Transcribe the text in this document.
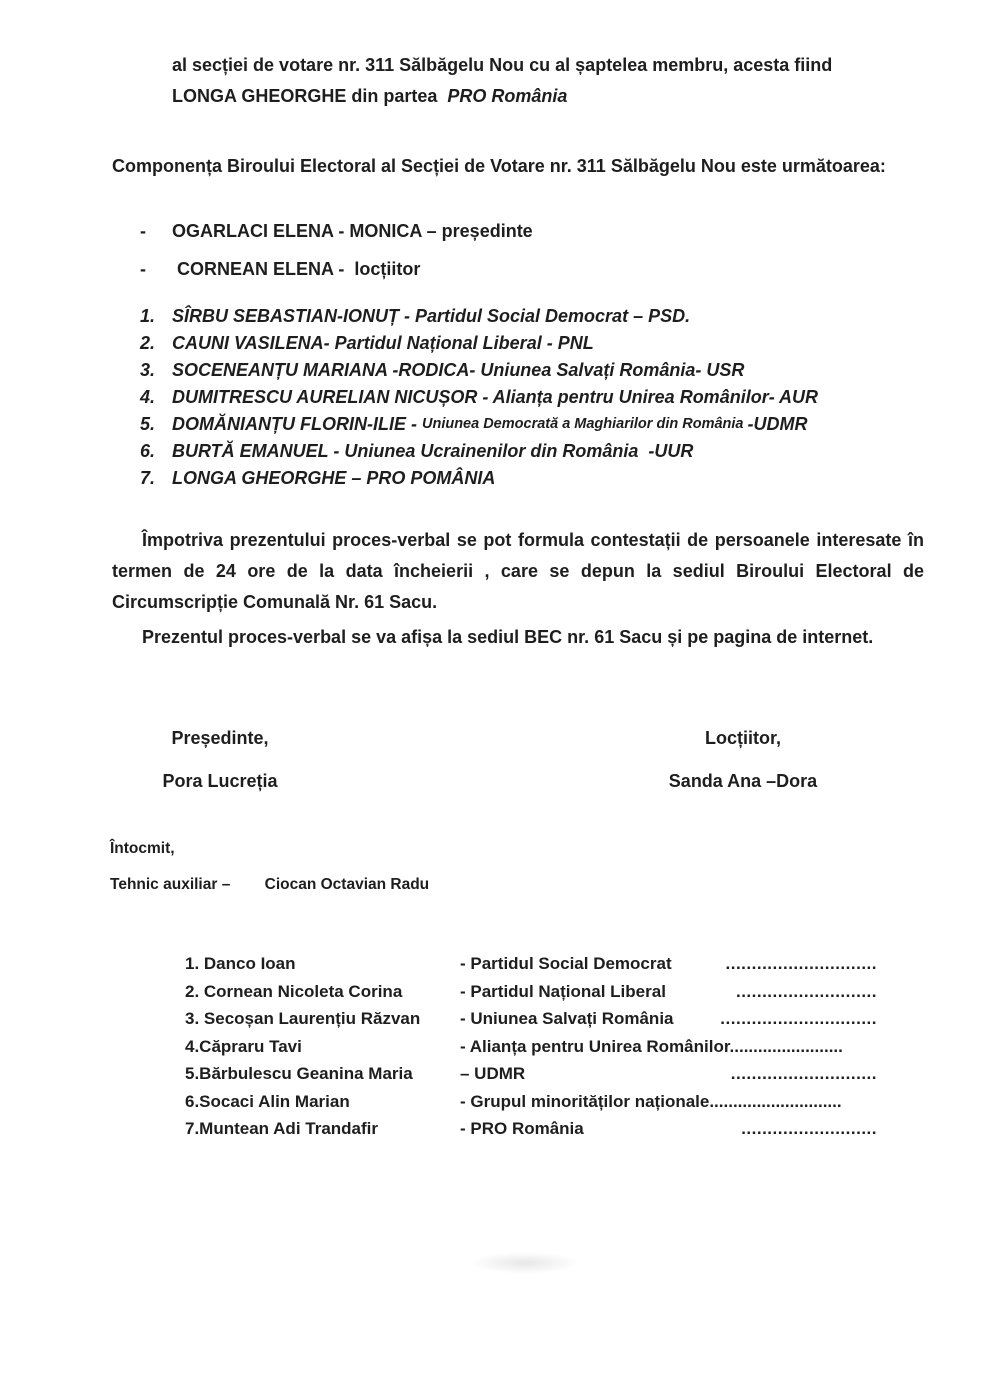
al secției de votare nr. 311 Sălbăgelu Nou cu al șaptelea membru, acesta fiind
LONGA GHEORGHE din partea  PRO România
Componența Biroului Electoral al Secției de Votare nr. 311 Sălbăgelu Nou este următoarea:
-	OGARLACI ELENA - MONICA – președinte
-	CORNEAN ELENA -  locțiitor
1. SÎRBU SEBASTIAN-IONUȚ - Partidul Social Democrat – PSD.
2. CAUNI VASILENA- Partidul Național Liberal - PNL
3. SOCENEANȚU MARIANA -RODICA- Uniunea Salvați România- USR
4. DUMITRESCU AURELIAN NICUȘOR - Alianța pentru Unirea Românilor- AUR
5. DOMĂNIANȚU FLORIN-ILIE - Uniunea Democrată a Maghiarilor din România -UDMR
6. BURTĂ EMANUEL - Uniunea Ucrainenilor din România  -UUR
7. LONGA GHEORGHE – PRO POMÂNIA
Împotriva prezentului proces-verbal se pot formula contestații de persoanele interesate în termen de 24 ore de la data încheierii , care se depun la sediul Biroului Electoral de Circumscripție Comunală Nr. 61 Sacu.
Prezentul proces-verbal se va afișa la sediul BEC nr. 61 Sacu și pe pagina de internet.
Președinte,
Pora Lucreția
Locțiitor,
Sanda Ana –Dora
Întocmit,
Tehnic auxiliar – Ciocan Octavian Radu
1. Danco Ioan	- Partidul Social Democrat	.............................
2. Cornean Nicoleta Corina	- Partidul Național Liberal	...........................
3. Secoșan Laurențiu Răzvan	- Uniunea Salvați România	..............................
4.Căpraru Tavi	- Alianța pentru Unirea Românilor........................
5.Bărbulescu Geanina Maria	– UDMR	............................
6.Socaci Alin Marian	- Grupul minorităților naționale............................
7.Muntean Adi Trandafir	- PRO România	..........................
